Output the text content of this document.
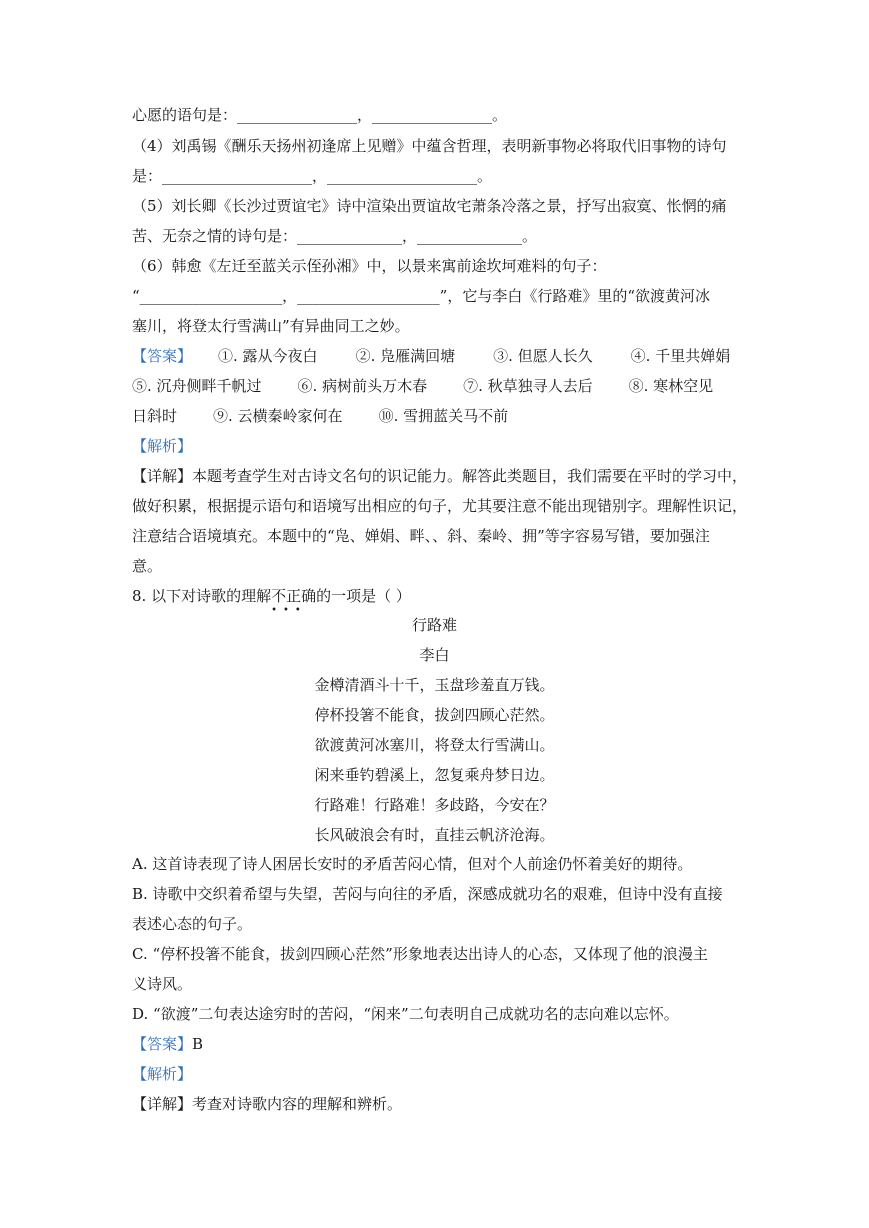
心愿的语句是：________________，________________。
（4）刘禹锡《酬乐天扬州初逢席上见赠》中蕴含哲理，表明新事物必将取代旧事物的诗句
是：____________________，____________________。
（5）刘长卿《长沙过贾谊宅》诗中渲染出贾谊故宅萧条冷落之景，抒写出寂寞、怅惘的痛
苦、无奈之情的诗句是：______________，______________。
（6）韩愈《左迁至蓝关示侄孙湘》中，以景来寓前途坎坷难料的句子：
“___________________，___________________”，它与李白《行路难》里的“欲渡黄河冰
塞川，将登太行雪满山”有异曲同工之妙。
【答案】 ①. 露从今夜白	②. 凫雁满回塘	③. 但愿人长久	④. 千里共婵娟
⑤. 沉舟侧畔千帆过 ⑥. 病树前头万木春 ⑦. 秋草独寻人去后 ⑧. 寒林空见
日斜时 ⑨. 云横秦岭家何在 ⑩. 雪拥蓝关马不前
【解析】
【详解】本题考查学生对古诗文名句的识记能力。解答此类题目，我们需要在平时的学习中，
做好积累，根据提示语句和语境写出相应的句子，尤其要注意不能出现错别字。理解性识记，
注意结合语境填充。本题中的“凫、婵娟、畔、、斜、秦岭、拥”等字容易写错，要加强注
意。
8. 以下对诗歌的理解不正确
•••
的一项是（ ）
行路难
李白
金樽清酒斗十千，玉盘珍羞直万钱。
停杯投箸不能食，拔剑四顾心茫然。
欲渡黄河冰塞川，将登太行雪满山。
闲来垂钓碧溪上，忽复乘舟梦日边。
行路难！行路难！多歧路，今安在？
长风破浪会有时，直挂云帆济沧海。
A. 这首诗表现了诗人困居长安时的矛盾苦闷心情，但对个人前途仍怀着美好的期待。
B. 诗歌中交织着希望与失望，苦闷与向往的矛盾，深感成就功名的艰难，但诗中没有直接
表述心态的句子。
C. “停杯投箸不能食，拔剑四顾心茫然”形象地表达出诗人的心态，又体现了他的浪漫主
义诗风。
D. “欲渡”二句表达途穷时的苦闷，“闲来”二句表明自己成就功名的志向难以忘怀。
【答案】B
【解析】
【详解】考查对诗歌内容的理解和辨析。
